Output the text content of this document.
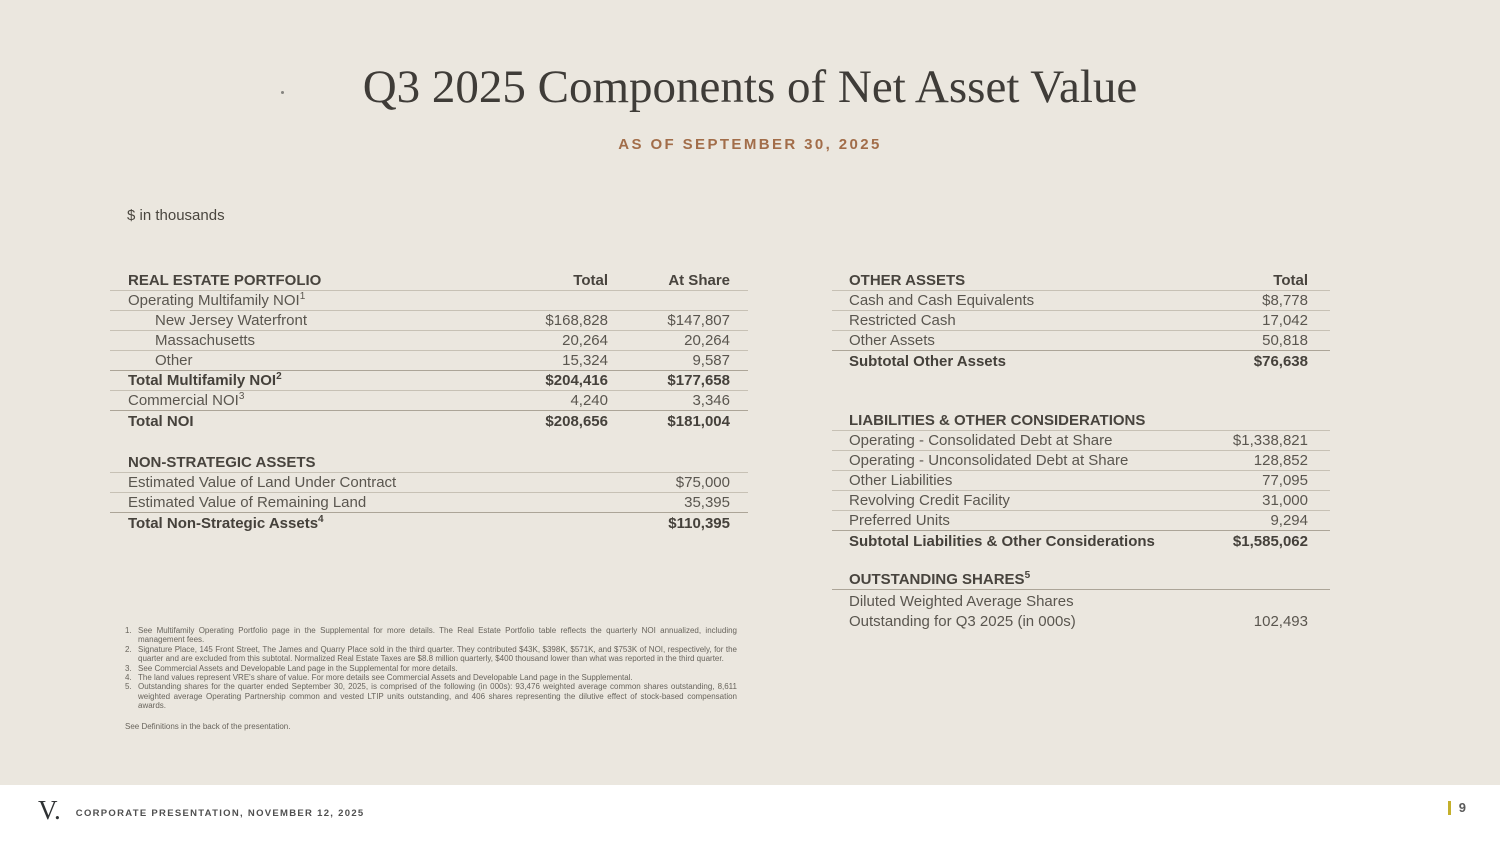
Q3 2025 Components of Net Asset Value
AS OF SEPTEMBER 30, 2025
$ in thousands
REAL ESTATE PORTFOLIO	Total	At Share
Operating Multifamily NOI$^1$
New Jersey Waterfront	$168,828	$147,807
Massachusetts	20,264	20,264
Other	15,324	9,587
Total Multifamily NOI$^2$	$204,416	$177,658
Commercial NOI$^3$	4,240	3,346
Total NOI	$208,656	$181,004
NON-STRATEGIC ASSETS
Estimated Value of Land Under Contract	$75,000
Estimated Value of Remaining Land	35,395
Total Non-Strategic Assets$^4$	$110,395
OTHER ASSETS	Total
Cash and Cash Equivalents	$8,778
Restricted Cash	17,042
Other Assets	50,818
Subtotal Other Assets	$76,638
LIABILITIES & OTHER CONSIDERATIONS
Operating - Consolidated Debt at Share	$1,338,821
Operating - Unconsolidated Debt at Share	128,852
Other Liabilities	77,095
Revolving Credit Facility	31,000
Preferred Units	9,294
Subtotal Liabilities & Other Considerations	$1,585,062
OUTSTANDING SHARES$^5$
Diluted Weighted Average Shares
Outstanding for Q3 2025 (in 000s)	102,493
1. See Multifamily Operating Portfolio page in the Supplemental for more details. The Real Estate Portfolio table reflects the quarterly NOI annualized, including management fees.
2. Signature Place, 145 Front Street, The James and Quarry Place sold in the third quarter. They contributed $43K, $398K, $571K, and $753K of NOI, respectively, for the quarter and are excluded from this subtotal. Normalized Real Estate Taxes are $8.8 million quarterly, $400 thousand lower than what was reported in the third quarter.
3. See Commercial Assets and Developable Land page in the Supplemental for more details.
4. The land values represent VRE's share of value. For more details see Commercial Assets and Developable Land page in the Supplemental.
5. Outstanding shares for the quarter ended September 30, 2025, is comprised of the following (in 000s): 93,476 weighted average common shares outstanding, 8,611 weighted average Operating Partnership common and vested LTIP units outstanding, and 406 shares representing the dilutive effect of stock-based compensation awards.
See Definitions in the back of the presentation.
V. CORPORATE PRESENTATION, NOVEMBER 12, 2025	9
